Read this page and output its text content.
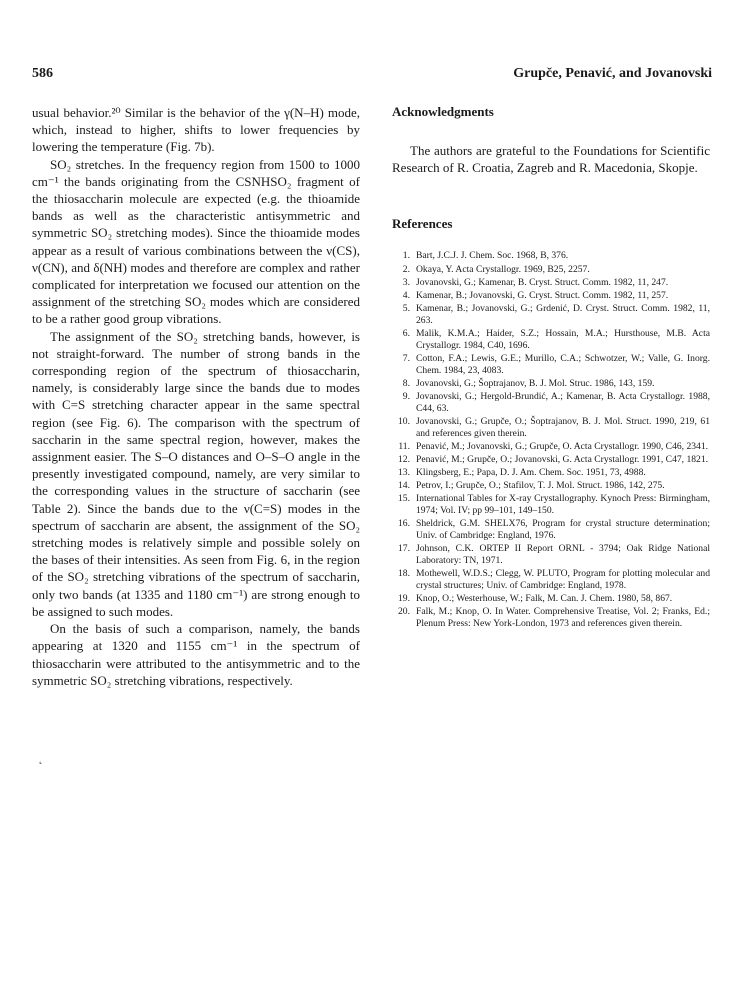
586	Grupče, Penavić, and Jovanovski

usual behavior.²⁰ Similar is the behavior of the γ(N–H) mode, which, instead to higher, shifts to lower frequencies by lowering the temperature (Fig. 7b).

SO₂ stretches. In the frequency region from 1500 to 1000 cm⁻¹ the bands originating from the CSNHSO₂ fragment of the thiosaccharin molecule are expected (e.g. the thioamide bands as well as the characteristic antisymmetric and symmetric SO₂ stretching modes). Since the thioamide modes appear as a result of various combinations between the ν(CS), ν(CN), and δ(NH) modes and therefore are complex and rather complicated for interpretation we focused our attention on the assignment of the stretching SO₂ modes which are considered to be a rather good group vibrations.

The assignment of the SO₂ stretching bands, however, is not straight-forward. The number of strong bands in the corresponding region of the spectrum of thiosaccharin, namely, is considerably large since the bands due to modes with C=S stretching character appear in the same spectral region (see Fig. 6). The comparison with the spectrum of saccharin in the same spectral region, however, makes the assignment easier. The S–O distances and O–S–O angle in the presently investigated compound, namely, are very similar to the corresponding values in the structure of saccharin (see Table 2). Since the bands due to the ν(C=S) modes in the spectrum of saccharin are absent, the assignment of the SO₂ stretching modes is relatively simple and possible solely on the bases of their intensities. As seen from Fig. 6, in the region of the SO₂ stretching vibrations of the spectrum of saccharin, only two bands (at 1335 and 1180 cm⁻¹) are strong enough to be assigned to such modes.

On the basis of such a comparison, namely, the bands appearing at 1320 and 1155 cm⁻¹ in the spectrum of thiosaccharin were attributed to the antisymmetric and to the symmetric SO₂ stretching vibrations, respectively.

Acknowledgments

The authors are grateful to the Foundations for Scientific Research of R. Croatia, Zagreb and R. Macedonia, Skopje.

References
1. Bart, J.C.J. J. Chem. Soc. 1968, B, 376.
2. Okaya, Y. Acta Crystallogr. 1969, B25, 2257.
3. Jovanovski, G.; Kamenar, B. Cryst. Struct. Comm. 1982, 11, 247.
4. Kamenar, B.; Jovanovski, G. Cryst. Struct. Comm. 1982, 11, 257.
5. Kamenar, B.; Jovanovski, G.; Grdenić, D. Cryst. Struct. Comm. 1982, 11, 263.
6. Malik, K.M.A.; Haider, S.Z.; Hossain, M.A.; Hursthouse, M.B. Acta Crystallogr. 1984, C40, 1696.
7. Cotton, F.A.; Lewis, G.E.; Murillo, C.A.; Schwotzer, W.; Valle, G. Inorg. Chem. 1984, 23, 4083.
8. Jovanovski, G.; Šoptrajanov, B. J. Mol. Struc. 1986, 143, 159.
9. Jovanovski, G.; Hergold-Brundić, A.; Kamenar, B. Acta Crystallogr. 1988, C44, 63.
10. Jovanovski, G.; Grupče, O.; Šoptrajanov, B. J. Mol. Struct. 1990, 219, 61 and references given therein.
11. Penavić, M.; Jovanovski, G.; Grupče, O. Acta Crystallogr. 1990, C46, 2341.
12. Penavić, M.; Grupče, O.; Jovanovski, G. Acta Crystallogr. 1991, C47, 1821.
13. Klingsberg, E.; Papa, D. J. Am. Chem. Soc. 1951, 73, 4988.
14. Petrov, I.; Grupče, O.; Stafilov, T. J. Mol. Struct. 1986, 142, 275.
15. International Tables for X-ray Crystallography. Kynoch Press: Birmingham, 1974; Vol. IV; pp 99–101, 149–150.
16. Sheldrick, G.M. SHELX76, Program for crystal structure determination; Univ. of Cambridge: England, 1976.
17. Johnson, C.K. ORTEP II Report ORNL - 3794; Oak Ridge National Laboratory: TN, 1971.
18. Mothewell, W.D.S.; Clegg, W. PLUTO, Program for plotting molecular and crystal structures; Univ. of Cambridge: England, 1978.
19. Knop, O.; Westerhouse, W.; Falk, M. Can. J. Chem. 1980, 58, 867.
20. Falk, M.; Knop, O. In Water. Comprehensive Treatise, Vol. 2; Franks, Ed.; Plenum Press: New York-London, 1973 and references given therein.
˛
